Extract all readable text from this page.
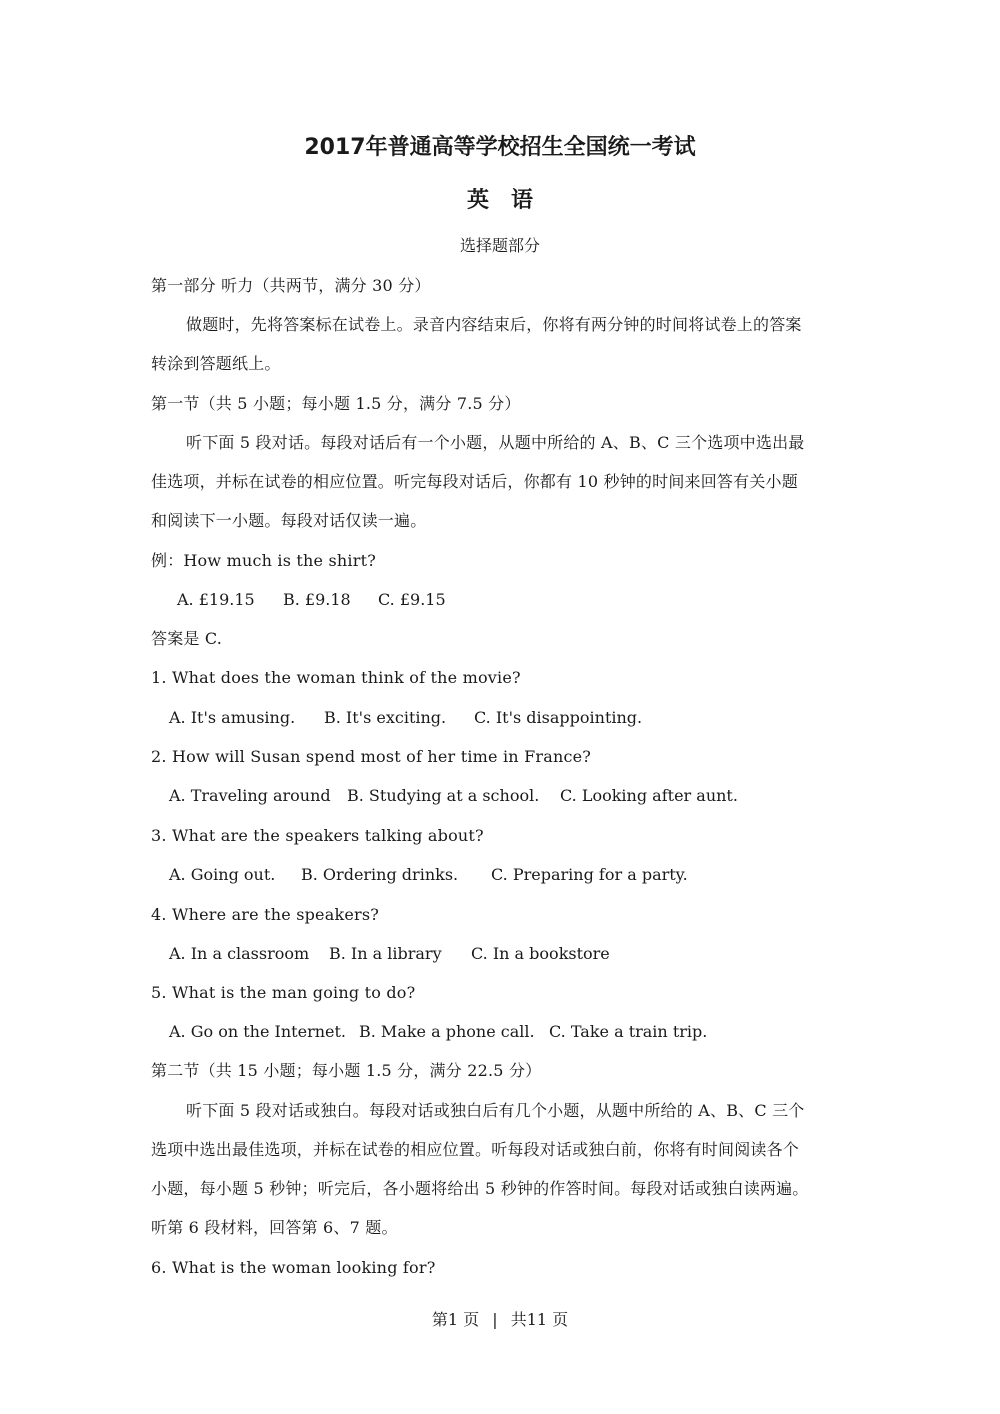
2017年普通高等学校招生全国统一考试
英语
选择题部分
第一部分 听力（共两节，满分 30 分）
做题时，先将答案标在试卷上。录音内容结束后，你将有两分钟的时间将试卷上的答案
转涂到答题纸上。
第一节（共 5 小题；每小题 1.5 分，满分 7.5 分）
听下面 5 段对话。每段对话后有一个小题，从题中所给的 A、B、C 三个选项中选出最
佳选项，并标在试卷的相应位置。听完每段对话后，你都有 10 秒钟的时间来回答有关小题
和阅读下一小题。每段对话仅读一遍。
例：How much is the shirt?
A. £19.15 B. £9.18 C. £9.15
答案是 C.
1. What does the woman think of the movie?
A. It's amusing. B. It's exciting. C. It's disappointing.
2. How will Susan spend most of her time in France?
A. Traveling around B. Studying at a school. C. Looking after aunt.
3. What are the speakers talking about?
A. Going out. B. Ordering drinks. C. Preparing for a party.
4. Where are the speakers?
A. In a classroom B. In a library C. In a bookstore
5. What is the man going to do?
A. Go on the Internet. B. Make a phone call. C. Take a train trip.
第二节（共 15 小题；每小题 1.5 分，满分 22.5 分）
听下面 5 段对话或独白。每段对话或独白后有几个小题，从题中所给的 A、B、C 三个
选项中选出最佳选项，并标在试卷的相应位置。听每段对话或独白前，你将有时间阅读各个
小题，每小题 5 秒钟；听完后，各小题将给出 5 秒钟的作答时间。每段对话或独白读两遍。
听第 6 段材料，回答第 6、7 题。
6. What is the woman looking for?
第1 页 | 共11 页
